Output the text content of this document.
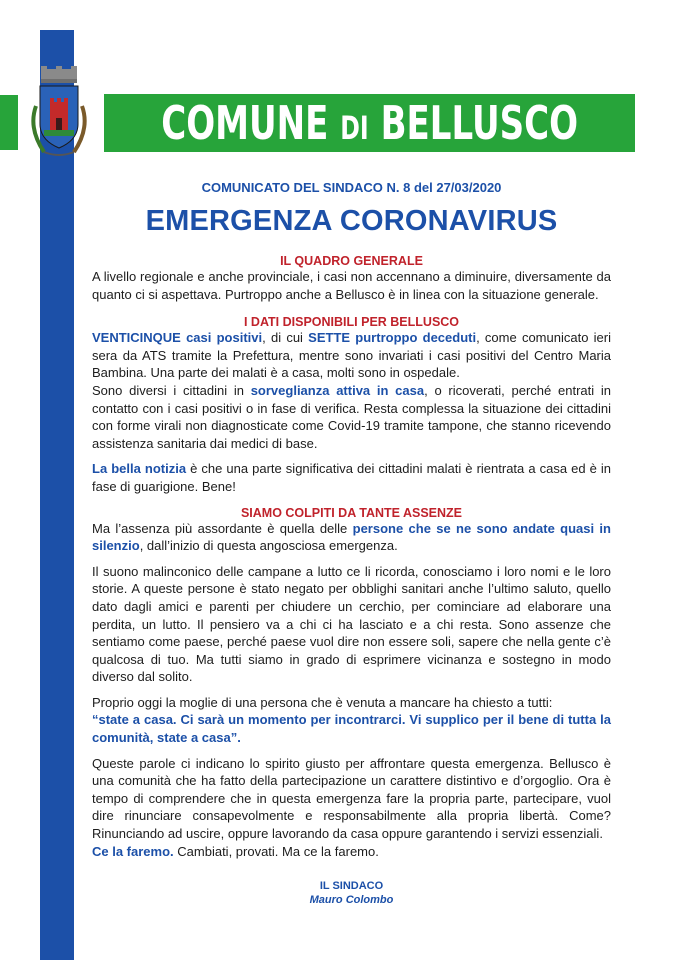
COMUNE DI BELLUSCO

COMUNICATO DEL SINDACO N. 8 del 27/03/2020

EMERGENZA CORONAVIRUS

IL QUADRO GENERALE

A livello regionale e anche provinciale, i casi non accennano a diminuire, diversamente da quanto ci si aspettava. Purtroppo anche a Bellusco è in linea con la situazione generale.

I DATI DISPONIBILI PER BELLUSCO

VENTICINQUE casi positivi, di cui SETTE purtroppo deceduti, come comunicato ieri sera da ATS tramite la Prefettura, mentre sono invariati i casi positivi del Centro Maria Bambina. Una parte dei malati è a casa, molti sono in ospedale.

Sono diversi i cittadini in sorveglianza attiva in casa, o ricoverati, perché entrati in contatto con i casi positivi o in fase di verifica. Resta complessa la situazione dei cittadini con forme virali non diagnosticate come Covid-19 tramite tampone, che stanno ricevendo assistenza sanitaria dai medici di base.

La bella notizia è che una parte significativa dei cittadini malati è rientrata a casa ed è in fase di guarigione. Bene!

SIAMO COLPITI DA TANTE ASSENZE

Ma l’assenza più assordante è quella delle persone che se ne sono andate quasi in silenzio, dall’inizio di questa angosciosa emergenza.

Il suono malinconico delle campane a lutto ce li ricorda, conosciamo i loro nomi e le loro storie. A queste persone è stato negato per obblighi sanitari anche l’ultimo saluto, quello dato dagli amici e parenti per chiudere un cerchio, per cominciare ad elaborare una perdita, un lutto. Il pensiero va a chi ci ha lasciato e a chi resta. Sono assenze che sentiamo come paese, perché paese vuol dire non essere soli, sapere che nella gente c’è qualcosa di tuo. Ma tutti siamo in grado di esprimere vicinanza e sostegno in modo diverso dal solito.

Proprio oggi la moglie di una persona che è venuta a mancare ha chiesto a tutti:
“state a casa. Ci sarà un momento per incontrarci. Vi supplico per il bene di tutta la comunità, state a casa”.

Queste parole ci indicano lo spirito giusto per affrontare questa emergenza. Bellusco è una comunità che ha fatto della partecipazione un carattere distintivo e d’orgoglio. Ora è tempo di comprendere che in questa emergenza fare la propria parte, partecipare, vuol dire rinunciare consapevolmente e responsabilmente alla propria libertà. Come? Rinunciando ad uscire, oppure lavorando da casa oppure garantendo i servizi essenziali.
Ce la faremo. Cambiati, provati. Ma ce la faremo.

IL SINDACO

Mauro Colombo
